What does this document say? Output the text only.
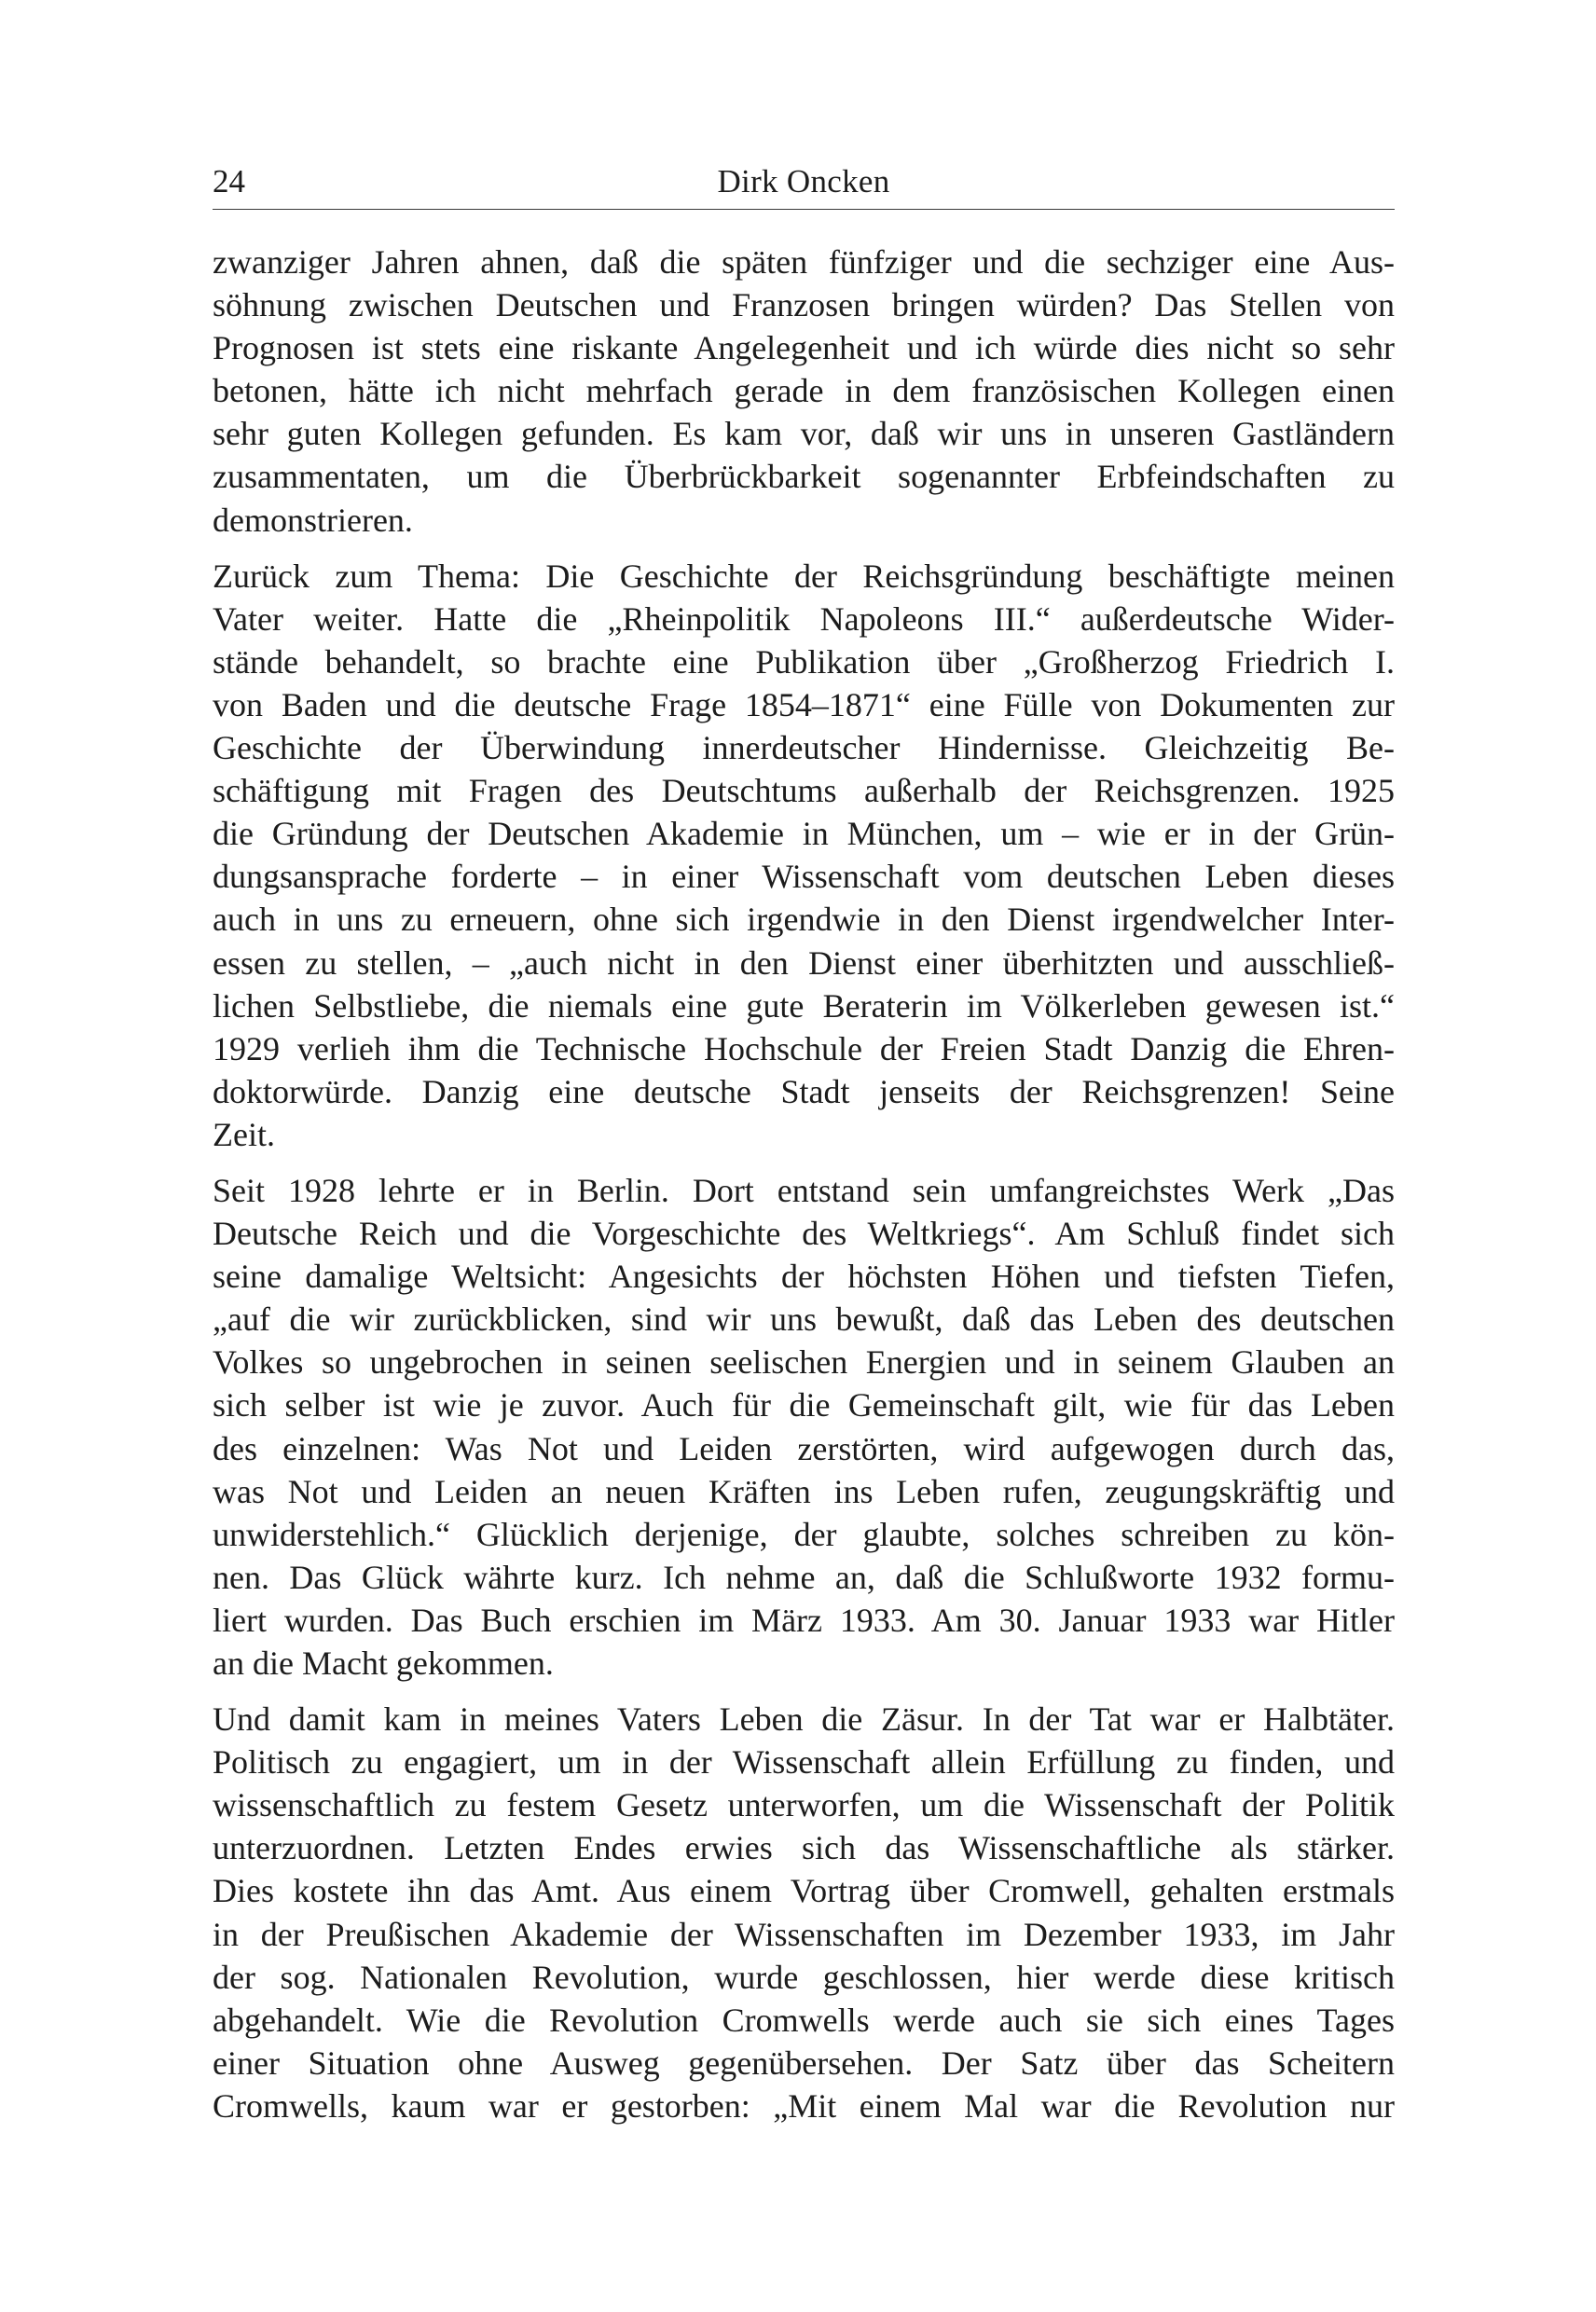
24	Dirk Oncken
zwanziger Jahren ahnen, daß die späten fünfziger und die sechziger eine Aus-
söhnung zwischen Deutschen und Franzosen bringen würden? Das Stellen von
Prognosen ist stets eine riskante Angelegenheit und ich würde dies nicht so sehr
betonen, hätte ich nicht mehrfach gerade in dem französischen Kollegen einen
sehr guten Kollegen gefunden. Es kam vor, daß wir uns in unseren Gastländern
zusammentaten, um die Überbrückbarkeit sogenannter Erbfeindschaften zu
demonstrieren.
Zurück zum Thema: Die Geschichte der Reichsgründung beschäftigte meinen
Vater weiter. Hatte die „Rheinpolitik Napoleons III.“ außerdeutsche Wider-
stände behandelt, so brachte eine Publikation über „Großherzog Friedrich I.
von Baden und die deutsche Frage 1854–1871“ eine Fülle von Dokumenten zur
Geschichte der Überwindung innerdeutscher Hindernisse. Gleichzeitig Be-
schäftigung mit Fragen des Deutschtums außerhalb der Reichsgrenzen. 1925
die Gründung der Deutschen Akademie in München, um – wie er in der Grün-
dungsansprache forderte – in einer Wissenschaft vom deutschen Leben dieses
auch in uns zu erneuern, ohne sich irgendwie in den Dienst irgendwelcher Inter-
essen zu stellen, – „auch nicht in den Dienst einer überhitzten und ausschließ-
lichen Selbstliebe, die niemals eine gute Beraterin im Völkerleben gewesen ist.“
1929 verlieh ihm die Technische Hochschule der Freien Stadt Danzig die Ehren-
doktorwürde. Danzig eine deutsche Stadt jenseits der Reichsgrenzen! Seine
Zeit.
Seit 1928 lehrte er in Berlin. Dort entstand sein umfangreichstes Werk „Das
Deutsche Reich und die Vorgeschichte des Weltkriegs“. Am Schluß findet sich
seine damalige Weltsicht: Angesichts der höchsten Höhen und tiefsten Tiefen,
„auf die wir zurückblicken, sind wir uns bewußt, daß das Leben des deutschen
Volkes so ungebrochen in seinen seelischen Energien und in seinem Glauben an
sich selber ist wie je zuvor. Auch für die Gemeinschaft gilt, wie für das Leben
des einzelnen: Was Not und Leiden zerstörten, wird aufgewogen durch das,
was Not und Leiden an neuen Kräften ins Leben rufen, zeugungskräftig und
unwiderstehlich.“ Glücklich derjenige, der glaubte, solches schreiben zu kön-
nen. Das Glück währte kurz. Ich nehme an, daß die Schlußworte 1932 formu-
liert wurden. Das Buch erschien im März 1933. Am 30. Januar 1933 war Hitler
an die Macht gekommen.
Und damit kam in meines Vaters Leben die Zäsur. In der Tat war er Halbtäter.
Politisch zu engagiert, um in der Wissenschaft allein Erfüllung zu finden, und
wissenschaftlich zu festem Gesetz unterworfen, um die Wissenschaft der Politik
unterzuordnen. Letzten Endes erwies sich das Wissenschaftliche als stärker.
Dies kostete ihn das Amt. Aus einem Vortrag über Cromwell, gehalten erstmals
in der Preußischen Akademie der Wissenschaften im Dezember 1933, im Jahr
der sog. Nationalen Revolution, wurde geschlossen, hier werde diese kritisch
abgehandelt. Wie die Revolution Cromwells werde auch sie sich eines Tages
einer Situation ohne Ausweg gegenübersehen. Der Satz über das Scheitern
Cromwells, kaum war er gestorben: „Mit einem Mal war die Revolution nur
